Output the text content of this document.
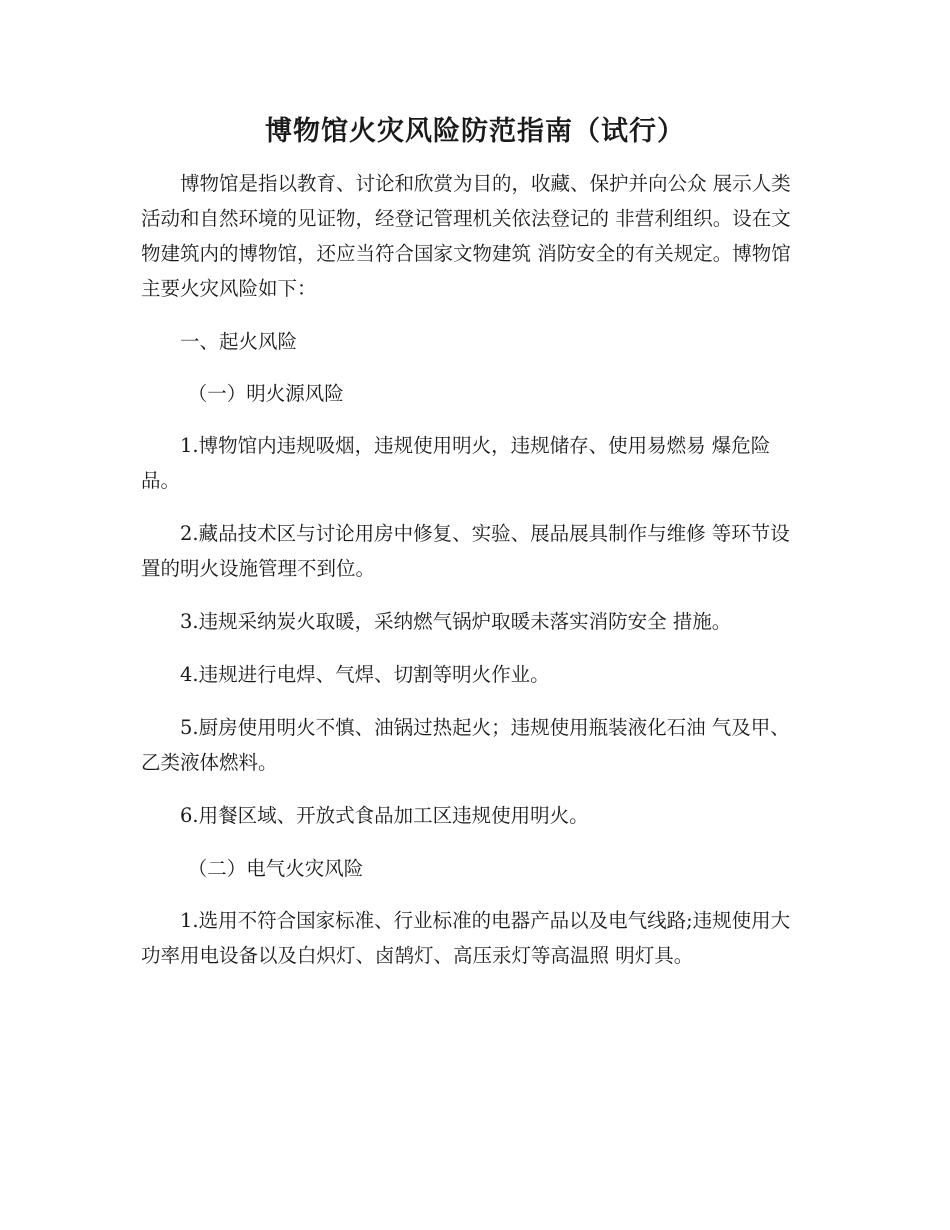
博物馆火灾风险防范指南（试行）

博物馆是指以教育、讨论和欣赏为目的，收藏、保护并向公众 展示人类活动和自然环境的见证物，经登记管理机关依法登记的 非营利组织。设在文物建筑内的博物馆，还应当符合国家文物建筑 消防安全的有关规定。博物馆主要火灾风险如下：

一、起火风险

（一）明火源风险

1.博物馆内违规吸烟，违规使用明火，违规储存、使用易燃易 爆危险品。

2.藏品技术区与讨论用房中修复、实验、展品展具制作与维修 等环节设置的明火设施管理不到位。

3.违规采纳炭火取暖，采纳燃气锅炉取暖未落实消防安全 措施。

4.违规进行电焊、气焊、切割等明火作业。

5.厨房使用明火不慎、油锅过热起火；违规使用瓶装液化石油 气及甲、乙类液体燃料。

6.用餐区域、开放式食品加工区违规使用明火。

（二）电气火灾风险

1.选用不符合国家标准、行业标准的电器产品以及电气线路;违规使用大功率用电设备以及白炽灯、卤鹄灯、高压汞灯等高温照 明灯具。
